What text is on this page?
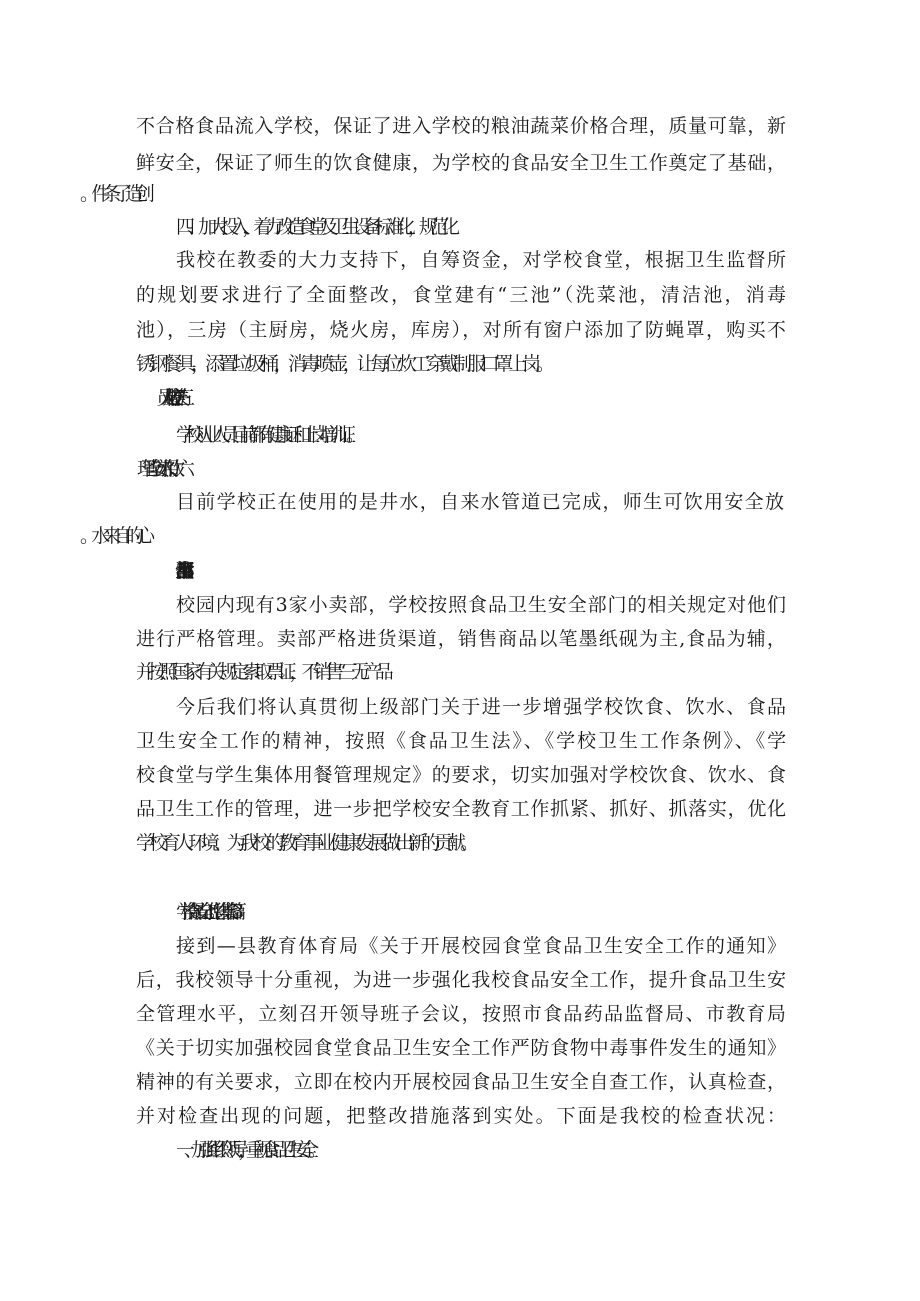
不合格食品流入学校，保证了进入学校的粮油蔬菜价格合理，质量可靠，新

鲜安全，保证了师生的饮食健康，为学校的食品安全卫生工作奠定了基础，

四、加大投入，着力改造食堂及卫生设备标准化，规范化

我校在教委的大力支持下，自筹资金，对学校食堂，根据卫生监督所

的规划要求进行了全面整改，食堂建有“三池”（洗菜池，清洁池，消毒

池），三房（主厨房，烧火房，库房），对所有窗户添加了防蝇罩，购买不

锈钢餐具，添置垃圾桶，消毒喷壶，让每位炊工穿戴制服口罩上岗。

学校从业人员目前都有健康证和上岗培训证。

目前学校正在使用的是井水，自来水管道已完成，师生可饮用安全放

校园内现有3家小卖部，学校按照食品卫生安全部门的相关规定对他们

进行严格管理。卖部严格进货渠道，销售商品以笔墨纸砚为主,食品为辅，

并按照国家有关规定索取票证，不销售“三无产品

今后我们将认真贯彻上级部门关于进一步增强学校饮食、饮水、食品

卫生安全工作的精神，按照《食品卫生法》、《学校卫生工作条例》、《学

校食堂与学生集体用餐管理规定》的要求，切实加强对学校饮食、饮水、食

品卫生工作的管理，进一步把学校安全教育工作抓紧、抓好、抓落实，优化

学校育人环境、为我校的教育事业健康发展做出新的贡献。

学校食品安全工作总结集合篇3

接到—县教育体育局《关于开展校园食堂食品卫生安全工作的通知》

后，我校领导十分重视，为进一步强化我校食品安全工作，提升食品卫生安

全管理水平，立刻召开领导班子会议，按照市食品药品监督局、市教育局

《关于切实加强校园食堂食品卫生安全工作严防食物中毒事件发生的通知》

精神的有关要求，立即在校内开展校园食品卫生安全自查工作，认真检查，

并对检查出现的问题，把整改措施落到实处。下面是我校的检查状况：

一、加强组织领导，重视食品卫生安全。
